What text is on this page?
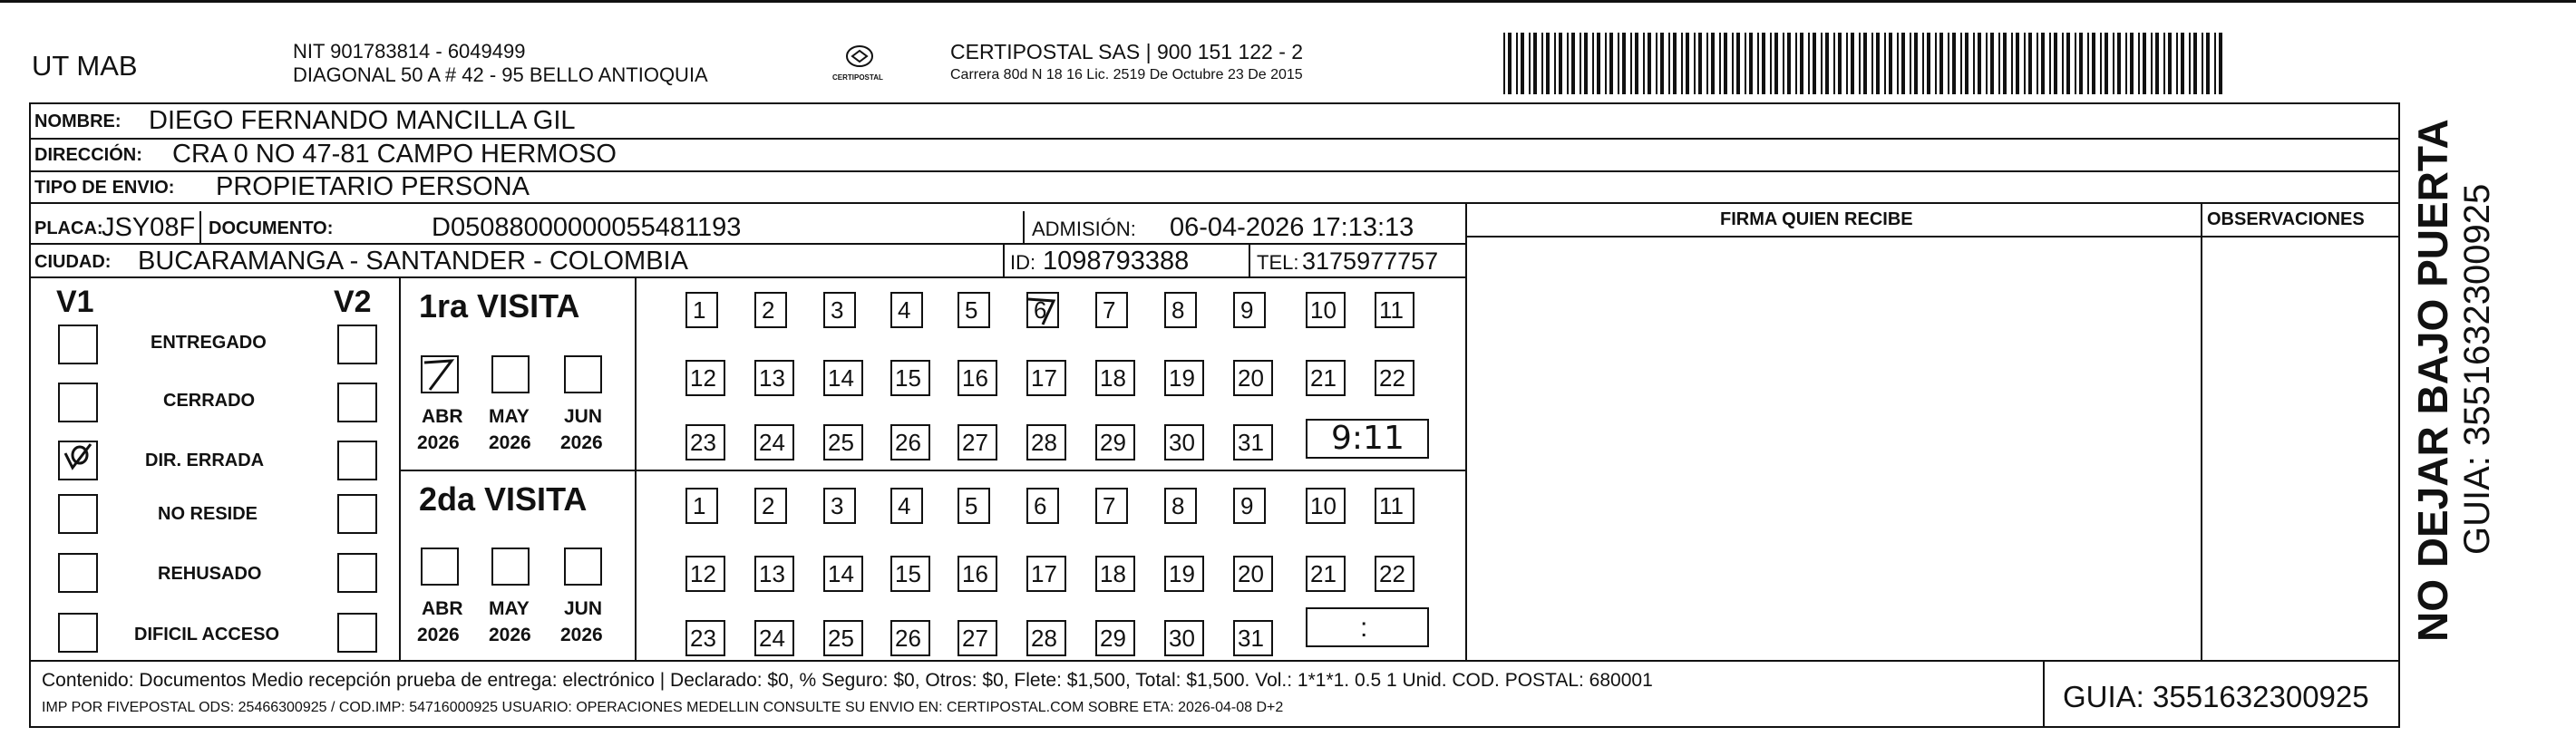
UT MAB	NIT 901783814 - 6049499
DIAGONAL 50 A # 42 - 95 BELLO ANTIOQUIA	CERTIPOSTAL
CERTIPOSTAL SAS | 900 151 122 - 2
Carrera 80d N 18 16 Lic. 2519 De Octubre 23 De 2015
NOMBRE: DIEGO FERNANDO MANCILLA GIL
DIRECCIÓN: CRA 0 NO 47-81 CAMPO HERMOSO
TIPO DE ENVIO: PROPIETARIO PERSONA
FIRMA QUIEN RECIBE	OBSERVACIONES
PLACA:
JSY08F DOCUMENTO:	D05088000000055481193	ADMISIÓN: 06-04-2026 17:13:13
CIUDAD: BUCARAMANGA - SANTANDER - COLOMBIA	ID: 1098793388	TEL: 3175977757
V1	V2
ENTREGADO
CERRADO
DIR. ERRADA
NO RESIDE
REHUSADO
DIFICIL ACCESO
1ra VISITA
ABR MAY JUN
2026 2026 2026
1	2	3	4	5	6	7	8	9	10	11
12	13	14	15	16	17	18	19	20	21	22
23	24	25	26	27	28	29	30	31 9:11
2da VISITA
ABR MAY JUN
2026 2026 2026
1	2	3	4	5	6	7	8	9	10	11
12	13	14	15	16	17	18	19	20	21	22
23	24	25	26	27	28	29	30	31	:
Contenido: Documentos Medio recepción prueba de entrega: electrónico | Declarado: $0, % Seguro: $0, Otros: $0, Flete: $1,500, Total: $1,500. Vol.: 1*1*1. 0.5 1 Unid. COD. POSTAL: 680001
IMP POR FIVEPOSTAL ODS: 25466300925 / COD.IMP: 54716000925 USUARIO: OPERACIONES MEDELLIN CONSULTE SU ENVIO EN: CERTIPOSTAL.COM SOBRE ETA: 2026-04-08 D+2	GUIA: 3551632300925
NO DEJAR BAJO PUERTA GUIA: 3551632300925
